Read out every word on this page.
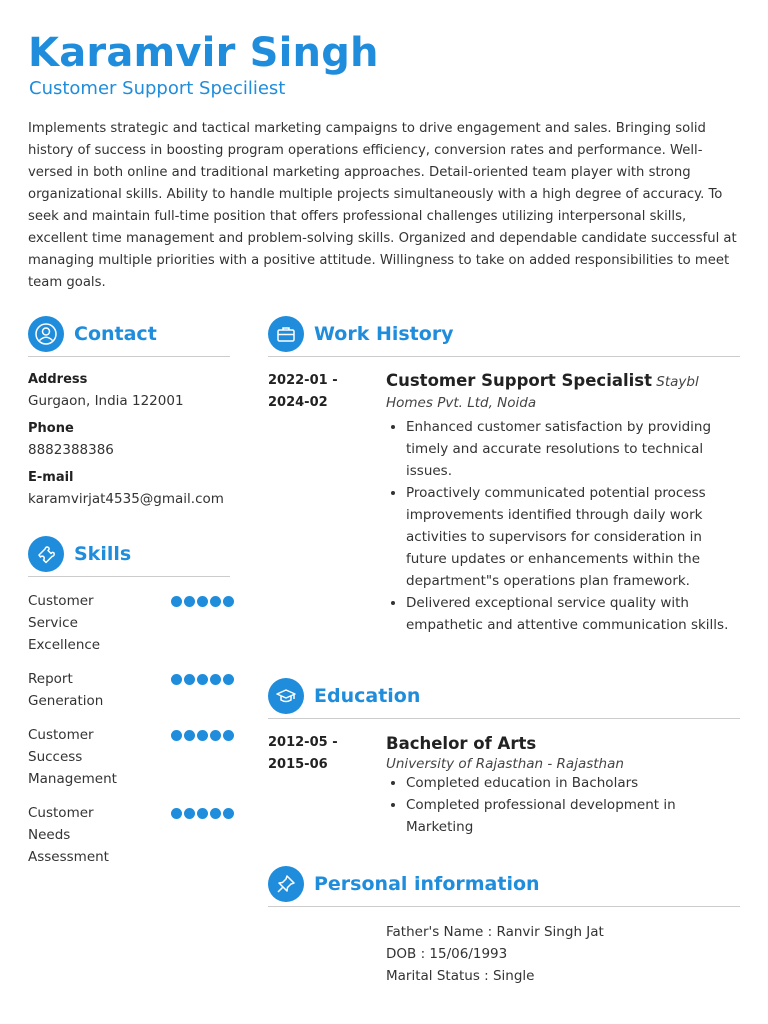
Karamvir Singh
Customer Support Speciliest
Implements strategic and tactical marketing campaigns to drive engagement and sales. Bringing solid history of success in boosting program operations efficiency, conversion rates and performance. Well-versed in both online and traditional marketing approaches. Detail-oriented team player with strong organizational skills. Ability to handle multiple projects simultaneously with a high degree of accuracy. To seek and maintain full-time position that offers professional challenges utilizing interpersonal skills, excellent time management and problem-solving skills. Organized and dependable candidate successful at managing multiple priorities with a positive attitude. Willingness to take on added responsibilities to meet team goals.
Contact
Address
Gurgaon, India 122001
Phone
8882388386
E-mail
karamvirjat4535@gmail.com
Skills
Customer Service Excellence
Report Generation
Customer Success Management
Customer Needs Assessment
Work History
2022-01 -
2024-02
Customer Support Specialist Staybl Homes Pvt. Ltd, Noida
• Enhanced customer satisfaction by providing timely and accurate resolutions to technical issues.
• Proactively communicated potential process improvements identified through daily work activities to supervisors for consideration in future updates or enhancements within the department"s operations plan framework.
• Delivered exceptional service quality with empathetic and attentive communication skills.
Education
2012-05 -
2015-06
Bachelor of Arts
University of Rajasthan - Rajasthan
• Completed education in Bacholars
• Completed professional development in Marketing
Personal information
Father's Name : Ranvir Singh Jat
DOB : 15/06/1993
Marital Status : Single
